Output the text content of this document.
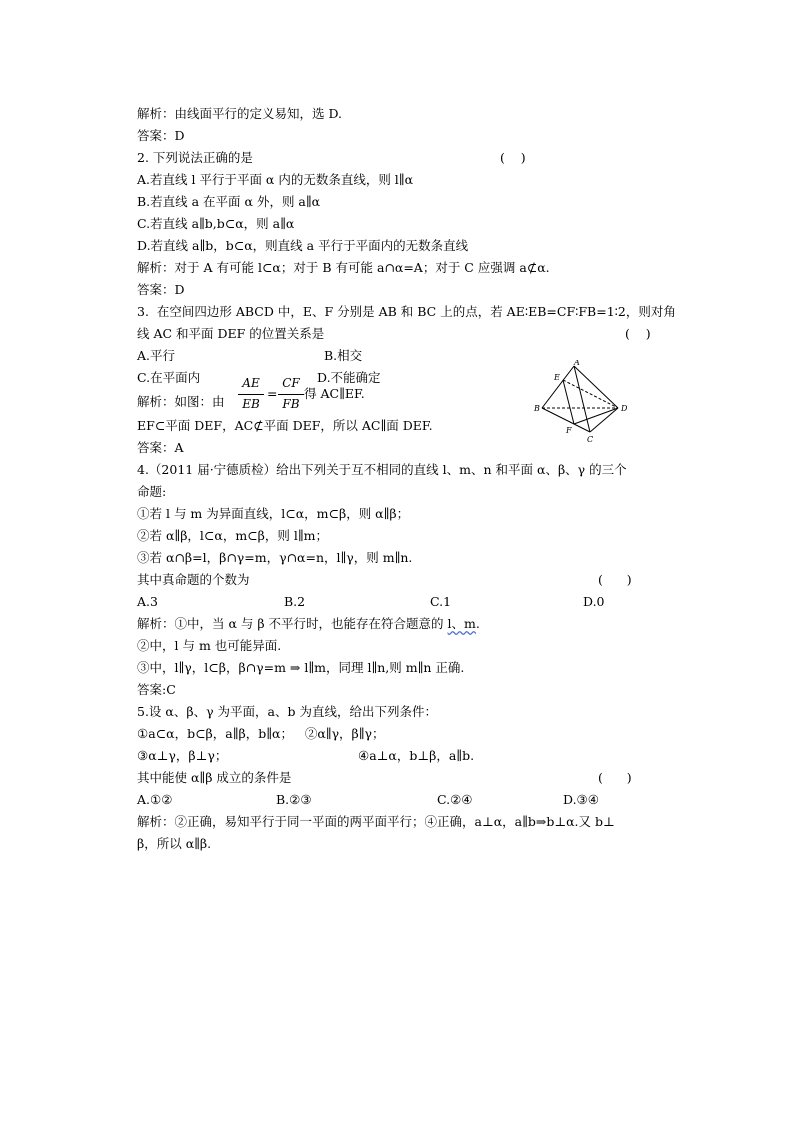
解析：由线面平行的定义易知，选 D.
答案：D
2. 下列说法正确的是	(    )
A.若直线 l 平行于平面 α 内的无数条直线，则 l∥α
B.若直线 a 在平面 α 外，则 a∥α
C.若直线 a∥b,b⊂α，则 a∥α
D.若直线 a∥b，b⊂α，则直线 a 平行于平面内的无数条直线
解析：对于 A 有可能 l⊂α；对于 B 有可能 a∩α=A；对于 C 应强调 a⊄α.
答案：D
3.  在空间四边形 ABCD 中，E、F 分别是 AB 和 BC 上的点，若 AE∶EB=CF∶FB=1∶2，则对角
线 AC 和平面 DEF 的位置关系是	(    )
A.平行	B.相交
C.在平面内	D.不能确定
解析：如图：由
AE
EB
=
CF
FB
得 AC∥EF.
A
B
C
D
E
F
EF⊂平面 DEF，AC⊄平面 DEF，所以 AC∥面 DEF.
答案：A
4.（2011 届·宁德质检）给出下列关于互不相同的直线 l、m、n 和平面 α、β、γ 的三个
命题:
①若 l 与 m 为异面直线，l⊂α，m⊂β，则 α∥β；
②若 α∥β，l⊂α，m⊂β，则 l∥m；
③若 α∩β=l，β∩γ=m，γ∩α=n，l∥γ，则 m∥n.
其中真命题的个数为	(      )
A.3	B.2	C.1	D.0
解析：①中，当 α 与 β 不平行时，也能存在符合题意的 l、m.
②中，l 与 m 也可能异面.
③中，l∥γ，l⊂β，β∩γ=m ⇒ l∥m，同理 l∥n,则 m∥n 正确.
答案:C
5.设 α、β、γ 为平面，a、b 为直线，给出下列条件：
①a⊂α，b⊂β，a∥β，b∥α；   ②α∥γ，β∥γ；
③α⊥γ，β⊥γ；	④a⊥α，b⊥β，a∥b.
其中能使 α∥β 成立的条件是	(      )
A.①②	B.②③	C.②④	D.③④
解析：②正确，易知平行于同一平面的两平面平行；④正确，a⊥α，a∥b⇒b⊥α.又 b⊥
β，所以 α∥β.
